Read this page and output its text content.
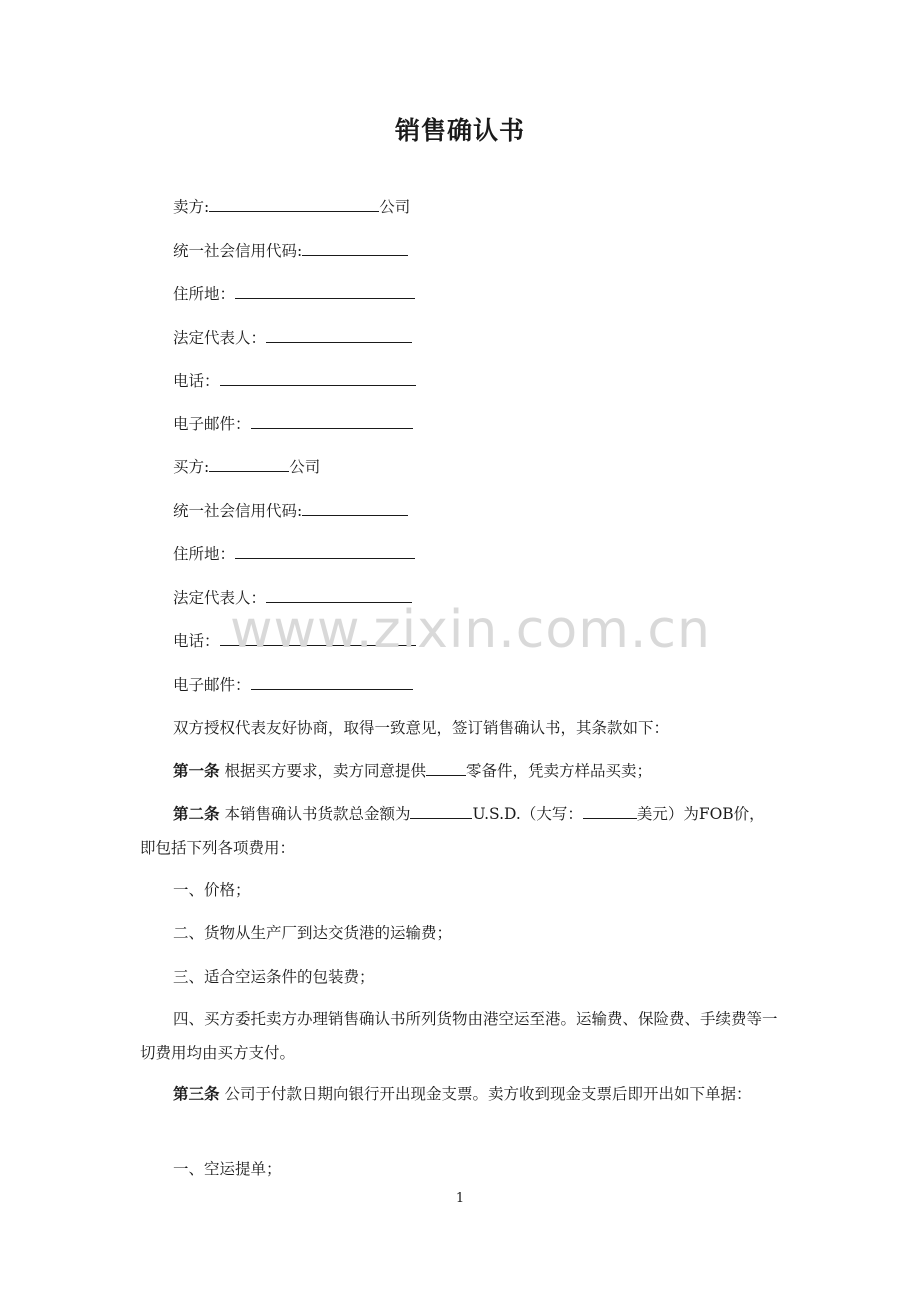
销售确认书
卖方:	公司
统一社会信用代码:
住所地：
法定代表人：
电话：
电子邮件：
买方:	公司
统一社会信用代码:
住所地：
法定代表人：
电话：
电子邮件：
双方授权代表友好协商，取得一致意见，签订销售确认书，其条款如下：
第一条 根据买方要求，卖方同意提供	零备件，凭卖方样品买卖；
第二条 本销售确认书货款总金额为	U.S.D.（大写：	美元）为FOB价，即包括下列各项费用：
一、价格；
二、货物从生产厂到达交货港的运输费；
三、适合空运条件的包装费；
四、买方委托卖方办理销售确认书所列货物由港空运至港。运输费、保险费、手续费等一切费用均由买方支付。
第三条 公司于付款日期向银行开出现金支票。卖方收到现金支票后即开出如下单据：
一、空运提单；
www.zixin.com.cn
1
